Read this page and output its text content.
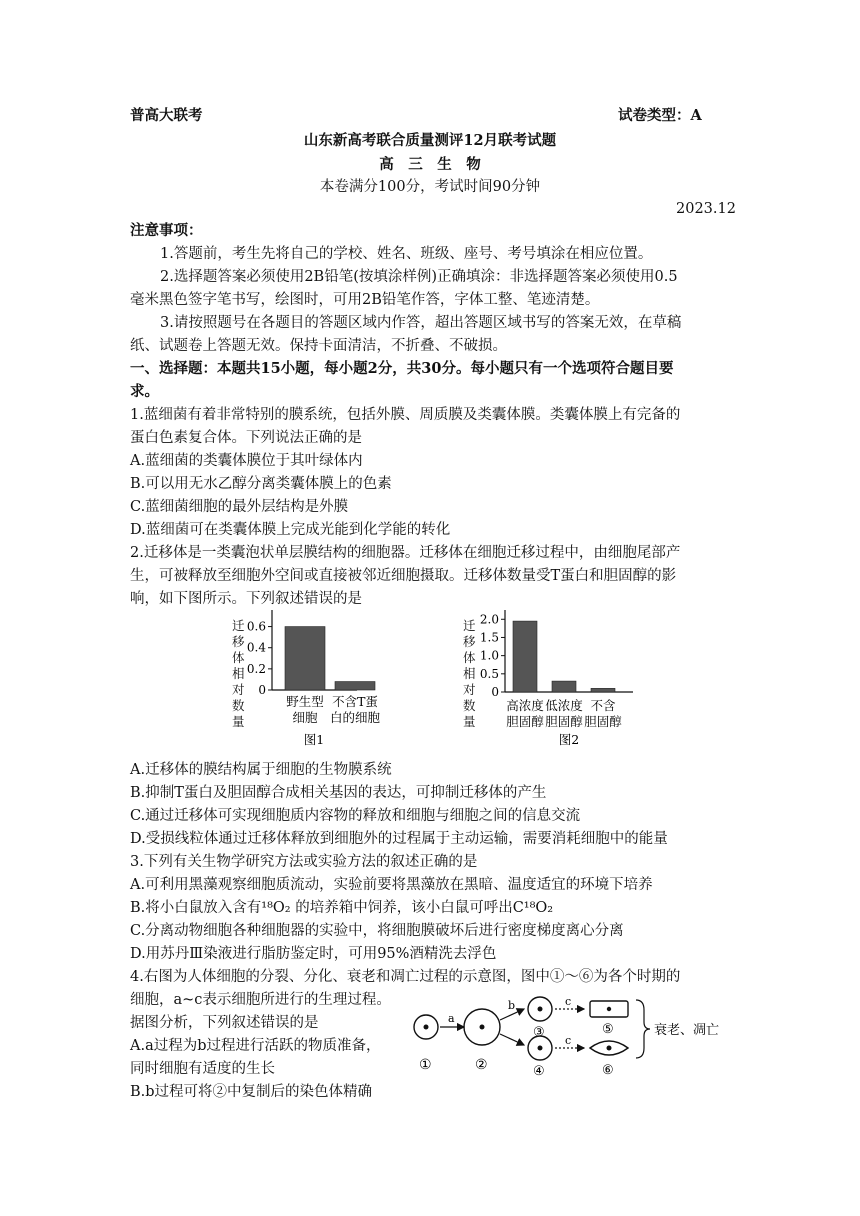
普高大联考	试卷类型：A
山东新高考联合质量测评12月联考试题
高　三　生　物
本卷满分100分，考试时间90分钟
2023.12
注意事项：
1.答题前，考生先将自己的学校、姓名、班级、座号、考号填涂在相应位置。
2.选择题答案必须使用2B铅笔(按填涂样例)正确填涂：非选择题答案必须使用0.5
毫米黑色签字笔书写，绘图时，可用2B铅笔作答，字体工整、笔迹清楚。
3.请按照题号在各题目的答题区域内作答，超出答题区域书写的答案无效，在草稿
纸、试题卷上答题无效。保持卡面清洁，不折叠、不破损。
一、选择题：本题共15小题，每小题2分，共30分。每小题只有一个选项符合题目要
求。
1.蓝细菌有着非常特别的膜系统，包括外膜、周质膜及类囊体膜。类囊体膜上有完备的
蛋白色素复合体。下列说法正确的是
A.蓝细菌的类囊体膜位于其叶绿体内
B.可以用无水乙醇分离类囊体膜上的色素
C.蓝细菌细胞的最外层结构是外膜
D.蓝细菌可在类囊体膜上完成光能到化学能的转化
2.迁移体是一类囊泡状单层膜结构的细胞器。迁移体在细胞迁移过程中，由细胞尾部产
生，可被释放至细胞外空间或直接被邻近细胞摄取。迁移体数量受T蛋白和胆固醇的影
响，如下图所示。下列叙述错误的是
迁
移
体
相
对
数
量
0.6
0.4
0.2
0
野生型
细胞
不含T蛋
白的细胞
图1
迁
移
体
相
对
数
量
2.0
1.5
1.0
0.5
0
高浓度
胆固醇
低浓度
胆固醇
不含
胆固醇
图2
A.迁移体的膜结构属于细胞的生物膜系统
B.抑制T蛋白及胆固醇合成相关基因的表达，可抑制迁移体的产生
C.通过迁移体可实现细胞质内容物的释放和细胞与细胞之间的信息交流
D.受损线粒体通过迁移体释放到细胞外的过程属于主动运输，需要消耗细胞中的能量
3.下列有关生物学研究方法或实验方法的叙述正确的是
A.可利用黑藻观察细胞质流动，实验前要将黑藻放在黑暗、温度适宜的环境下培养
B.将小白鼠放入含有¹⁸O₂ 的培养箱中饲养，该小白鼠可呼出C¹⁸O₂
C.分离动物细胞各种细胞器的实验中，将细胞膜破坏后进行密度梯度离心分离
D.用苏丹Ⅲ染液进行脂肪鉴定时，可用95%酒精洗去浮色
4.右图为人体细胞的分裂、分化、衰老和凋亡过程的示意图，图中①～⑥为各个时期的
细胞，a~c表示细胞所进行的生理过程。
据图分析，下列叙述错误的是
A.a过程为b过程进行活跃的物质准备，
同时细胞有适度的生长
B.b过程可将②中复制后的染色体精确
①
a
②
b
③
④
c
c
⑤
⑥
衰老、凋亡
